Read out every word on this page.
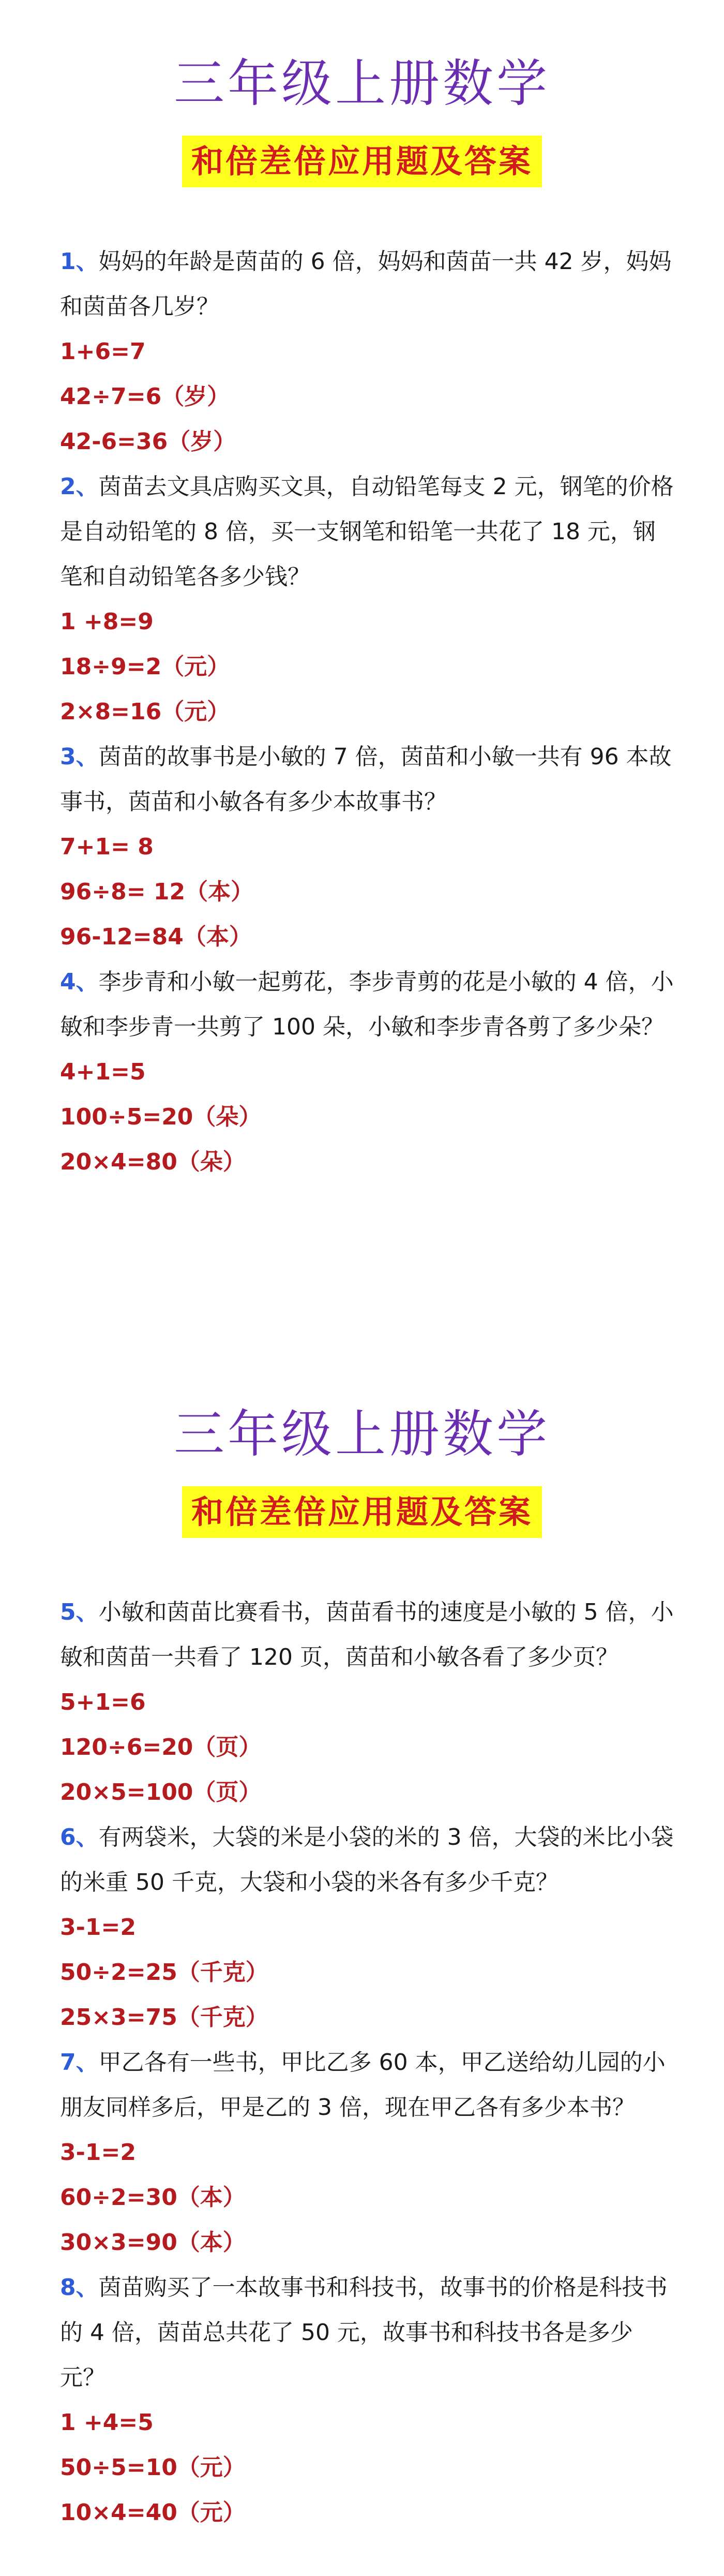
三年级上册数学
和倍差倍应用题及答案

1、妈妈的年龄是茵苗的 6 倍，妈妈和茵苗一共 42 岁，妈妈和茵苗各几岁？

1+6=7

42÷7=6（岁）

42-6=36（岁）

2、茵苗去文具店购买文具，自动铅笔每支 2 元，钢笔的价格是自动铅笔的 8 倍，买一支钢笔和铅笔一共花了 18 元，钢笔和自动铅笔各多少钱？

1 +8=9

18÷9=2（元）

2×8=16（元）

3、茵苗的故事书是小敏的 7 倍，茵苗和小敏一共有 96 本故事书，茵苗和小敏各有多少本故事书？

7+1= 8

96÷8= 12（本）

96-12=84（本）

4、李步青和小敏一起剪花，李步青剪的花是小敏的 4 倍，小敏和李步青一共剪了 100 朵，小敏和李步青各剪了多少朵？

4+1=5

100÷5=20（朵）

20×4=80（朵）

三年级上册数学
和倍差倍应用题及答案

5、小敏和茵苗比赛看书，茵苗看书的速度是小敏的 5 倍，小敏和茵苗一共看了 120 页，茵苗和小敏各看了多少页？

5+1=6

120÷6=20（页）

20×5=100（页）

6、有两袋米，大袋的米是小袋的米的 3 倍，大袋的米比小袋的米重 50 千克，大袋和小袋的米各有多少千克？

3-1=2

50÷2=25（千克）

25×3=75（千克）

7、甲乙各有一些书，甲比乙多 60 本，甲乙送给幼儿园的小朋友同样多后，甲是乙的 3 倍，现在甲乙各有多少本书？

3-1=2

60÷2=30（本）

30×3=90（本）

8、茵苗购买了一本故事书和科技书，故事书的价格是科技书的 4 倍，茵苗总共花了 50 元，故事书和科技书各是多少元？

1 +4=5

50÷5=10（元）

10×4=40（元）
